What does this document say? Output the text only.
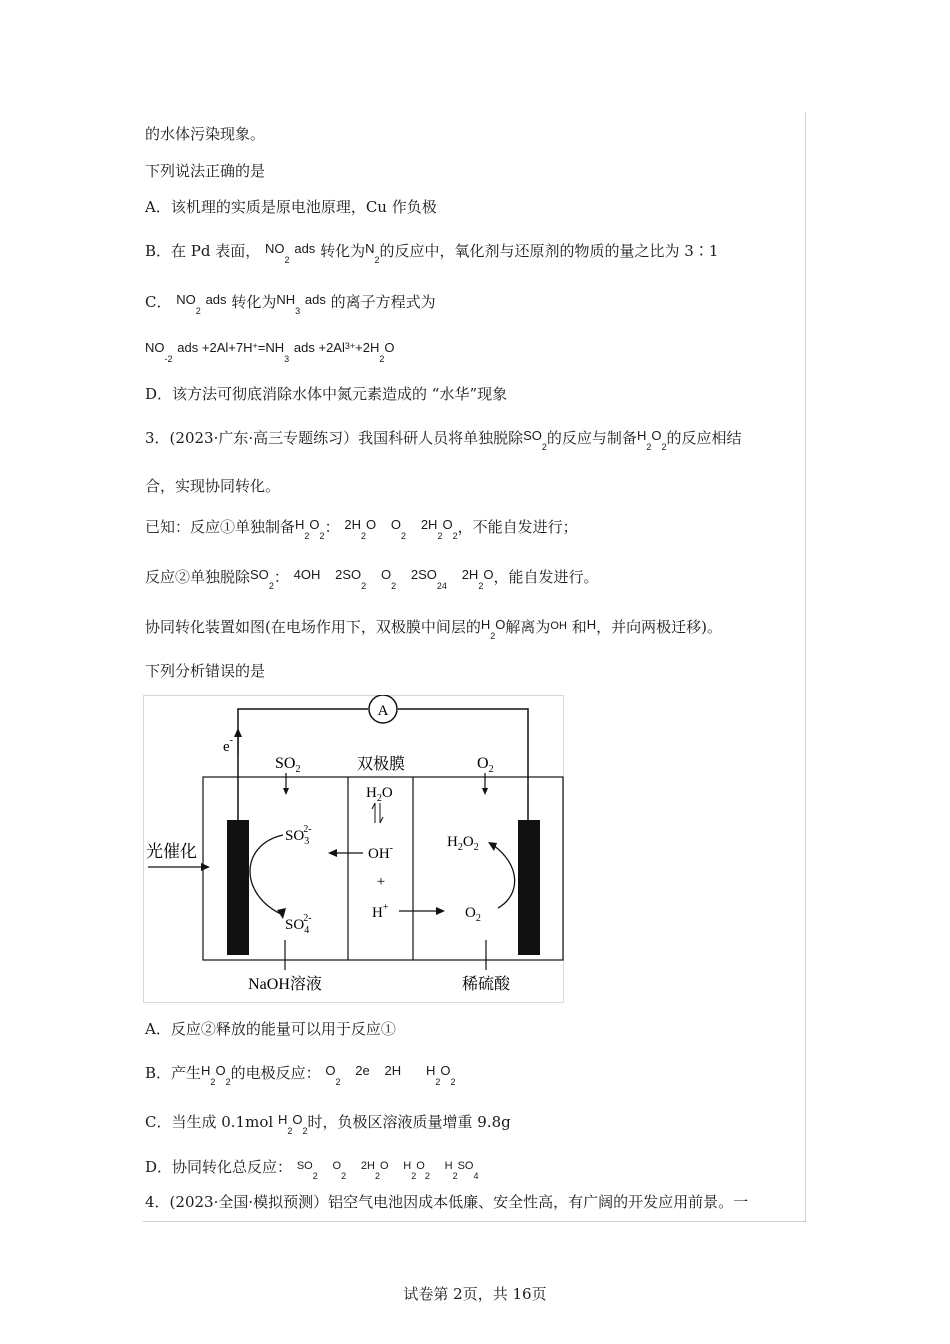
的水体污染现象。
下列说法正确的是
A．该机理的实质是原电池原理，Cu 作负极
B．在 Pd 表面， $NO_2$ ads 转化为$N_2$的反应中，氧化剂与还原剂的物质的量之比为 3∶1
C． $NO_2$ ads 转化为$NH_3$ ads 的离子方程式为
$NO_{-2}$ ads $+2Al+7H^+=NH_3$ ads $+2Al^{3+}+2H_2O$
D．该方法可彻底消除水体中氮元素造成的 “水华”现象
3．(2023·广东·高三专题练习）我国科研人员将单独脱除$SO_2$的反应与制备$H_2O_2$的反应相结
合，实现协同转化。
已知：反应①单独制备$H_2O_2$： $2H_2O$ $O_2$ $2H_2O_2$，不能自发进行；
反应②单独脱除$SO_2$： 4OH $2SO_2$ $O_2$ $2SO_{24}$ $2H_2O$，能自发进行。
协同转化装置如图(在电场作用下，双极膜中间层的$H_2O$解离为$^{OH}$ 和H，并向两极迁移)。
下列分析错误的是
A
e-
$SO_2$	双极膜	$O_2$
$H_2O$
OH-
+
H+
光催化
$SO_32-$
$SO_42-$
$H_2O_2$
$O_2$
NaOH溶液	稀硫酸
A．反应②释放的能量可以用于反应①
B．产生$H_2O_2$的电极反应： $O_2$ 2e 2H $H_2O_2$
C．当生成 0.1mol $H_2O_2$时，负极区溶液质量增重 9.8g
D．协同转化总反应： $^{SO}_2$ $^O_2$ $^{2H}_2^O$ $^H_2^O_2$ $^H_2^{SO}_4$
4．(2023·全国·模拟预测）铝空气电池因成本低廉、安全性高，有广阔的开发应用前景。一
试卷第 2页，共 16页
